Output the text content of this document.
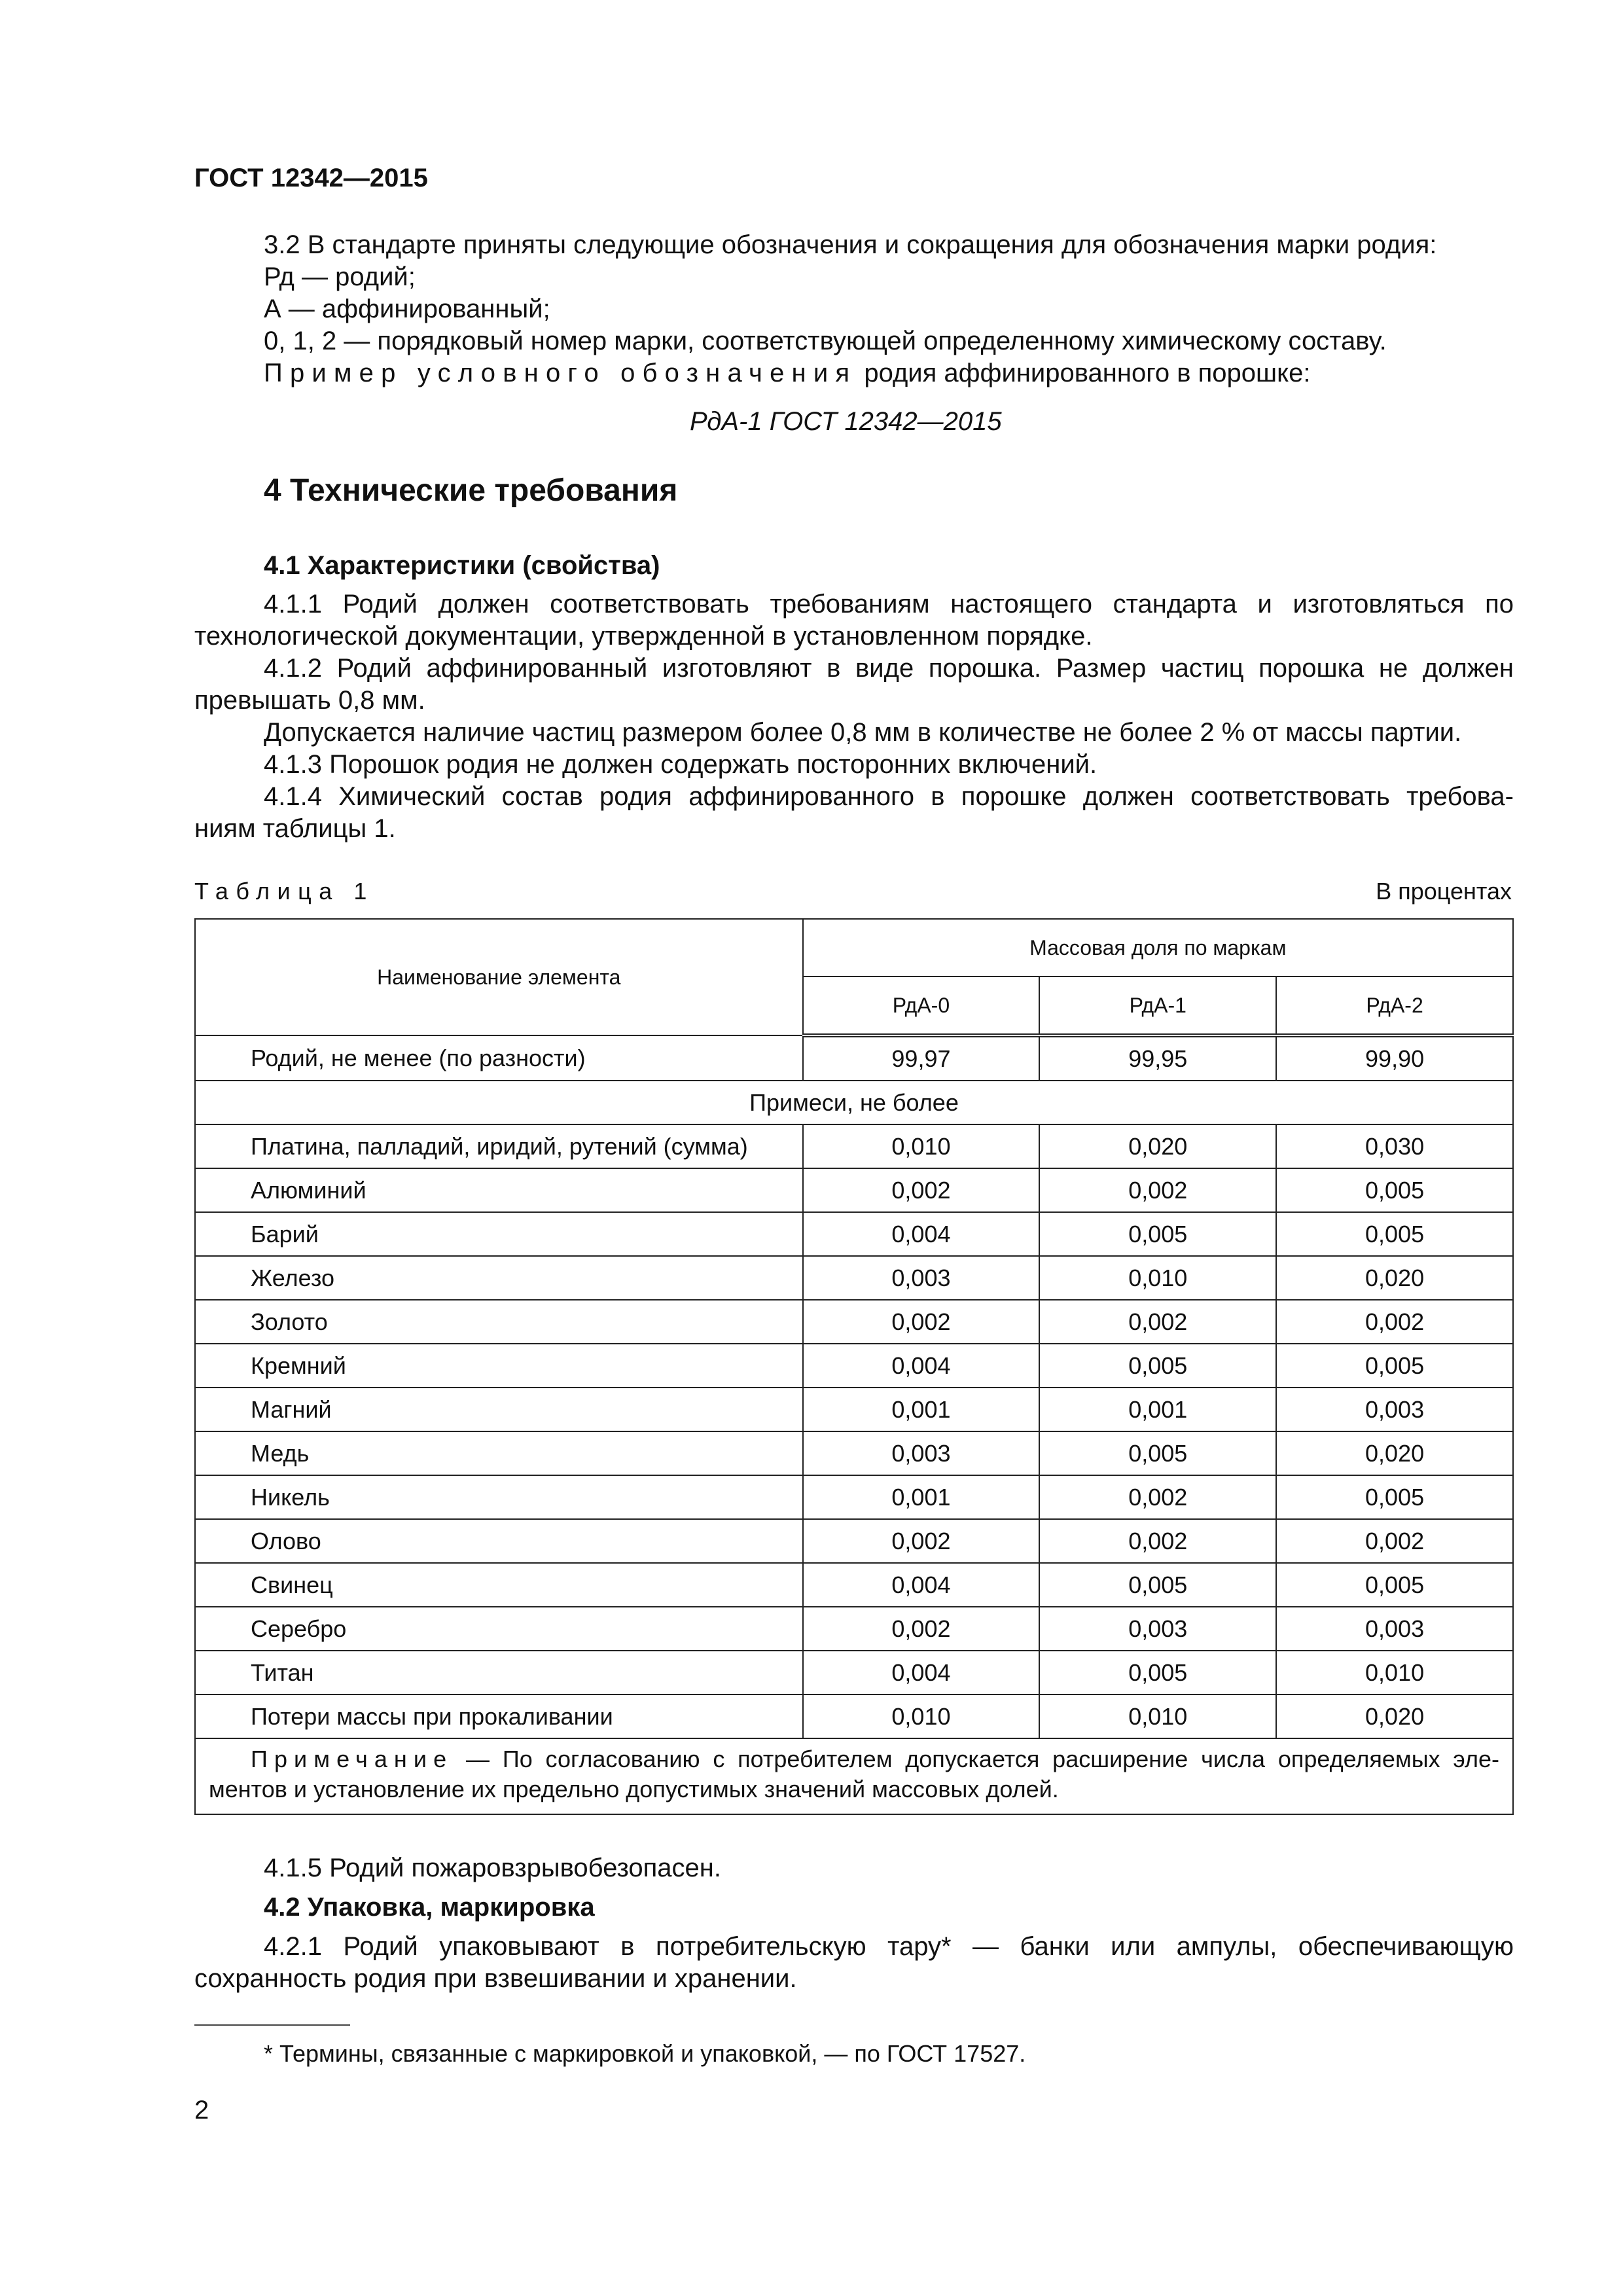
ГОСТ 12342—2015
3.2 В стандарте приняты следующие обозначения и сокращения для обозначения марки родия:
Рд — родий;
А — аффинированный;
0, 1, 2 — порядковый номер марки, соответствующей определенному химическому составу.
Пример условного обозначения родия аффинированного в порошке:
РдА-1 ГОСТ 12342—2015
4 Технические требования
4.1 Характеристики (свойства)
4.1.1 Родий должен соответствовать требованиям настоящего стандарта и изготовляться по
технологической документации, утвержденной в установленном порядке.
4.1.2 Родий аффинированный изготовляют в виде порошка. Размер частиц порошка не должен
превышать 0,8 мм.
Допускается наличие частиц размером более 0,8 мм в количестве не более 2 % от массы партии.
4.1.3 Порошок родия не должен содержать посторонних включений.
4.1.4 Химический состав родия аффинированного в порошке должен соответствовать требова-
ниям таблицы 1.
Таблица 1	В процентах
Наименование элемента	Массовая доля по маркам		
	РдА-0	РдА-1	РдА-2
Родий, не менее (по разности)	99,97	99,95	99,90
Примеси, не более			
Платина, палладий, иридий, рутений (сумма)	0,010	0,020	0,030
Алюминий	0,002	0,002	0,005
Барий	0,004	0,005	0,005
Железо	0,003	0,010	0,020
Золото	0,002	0,002	0,002
Кремний	0,004	0,005	0,005
Магний	0,001	0,001	0,003
Медь	0,003	0,005	0,020
Никель	0,001	0,002	0,005
Олово	0,002	0,002	0,002
Свинец	0,004	0,005	0,005
Серебро	0,002	0,003	0,003
Титан	0,004	0,005	0,010
Потери массы при прокаливании	0,010	0,010	0,020

Примечание — По согласованию с потребителем допускается расширение числа определяемых эле-
ментов и установление их предельно допустимых значений массовых долей.			
4.1.5 Родий пожаровзрывобезопасен.
4.2 Упаковка, маркировка
4.2.1 Родий упаковывают в потребительскую тару* — банки или ампулы, обеспечивающую
сохранность родия при взвешивании и хранении.
* Термины, связанные с маркировкой и упаковкой, — по ГОСТ 17527.
2
